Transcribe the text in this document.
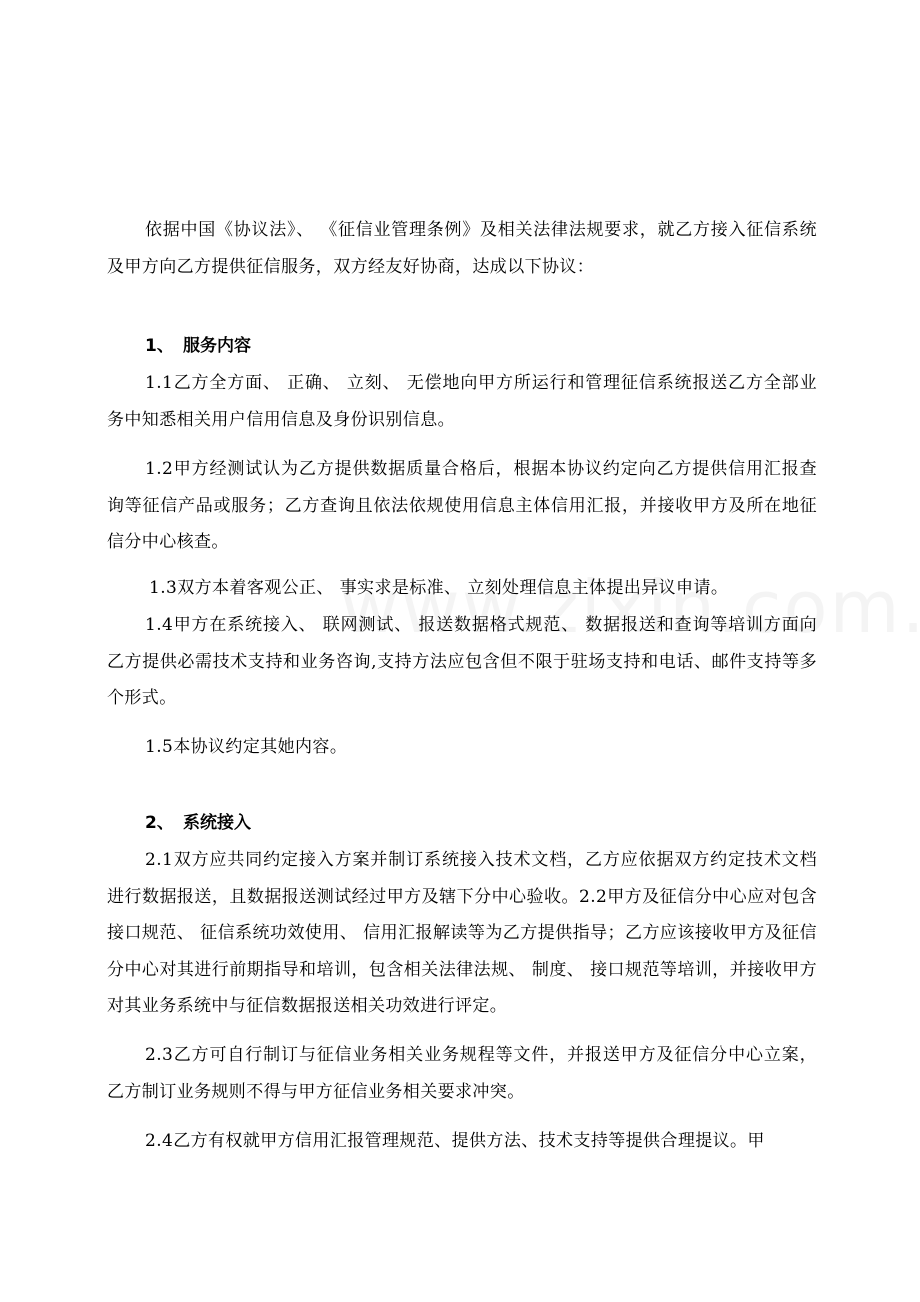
依据中国《协议法》、 《征信业管理条例》及相关法律法规要求，就乙方接入征信系统及甲方向乙方提供征信服务，双方经友好协商，达成以下协议：

1、 服务内容

1.1乙方全方面、 正确、 立刻、 无偿地向甲方所运行和管理征信系统报送乙方全部业务中知悉相关用户信用信息及身份识别信息。

1.2甲方经测试认为乙方提供数据质量合格后，根据本协议约定向乙方提供信用汇报查询等征信产品或服务；乙方查询且依法依规使用信息主体信用汇报，并接收甲方及所在地征信分中心核查。

1.3双方本着客观公正、 事实求是标准、 立刻处理信息主体提出异议申请。

1.4甲方在系统接入、 联网测试、 报送数据格式规范、 数据报送和查询等培训方面向乙方提供必需技术支持和业务咨询,支持方法应包含但不限于驻场支持和电话、邮件支持等多个形式。

1.5本协议约定其她内容。

2、 系统接入

2.1双方应共同约定接入方案并制订系统接入技术文档，乙方应依据双方约定技术文档进行数据报送，且数据报送测试经过甲方及辖下分中心验收。2.2甲方及征信分中心应对包含接口规范、 征信系统功效使用、 信用汇报解读等为乙方提供指导；乙方应该接收甲方及征信分中心对其进行前期指导和培训，包含相关法律法规、 制度、 接口规范等培训，并接收甲方对其业务系统中与征信数据报送相关功效进行评定。

2.3乙方可自行制订与征信业务相关业务规程等文件，并报送甲方及征信分中心立案，乙方制订业务规则不得与甲方征信业务相关要求冲突。

2.4乙方有权就甲方信用汇报管理规范、提供方法、技术支持等提供合理提议。甲
